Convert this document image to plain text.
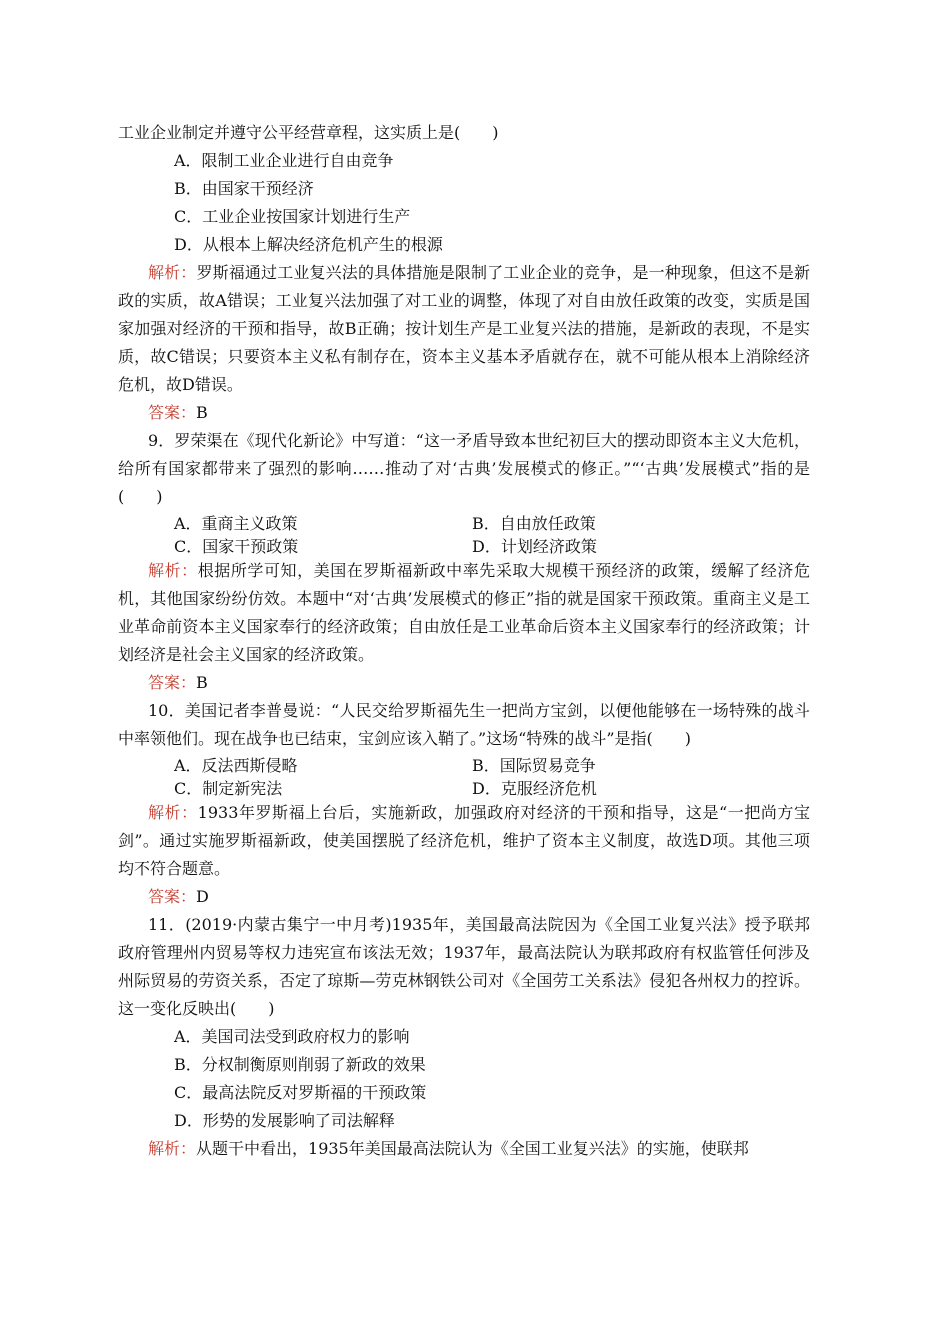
工业企业制定并遵守公平经营章程，这实质上是(　　)

A．限制工业企业进行自由竞争

B．由国家干预经济

C．工业企业按国家计划进行生产

D．从根本上解决经济危机产生的根源

解析：罗斯福通过工业复兴法的具体措施是限制了工业企业的竞争，是一种现象，但这不是新政的实质，故A错误；工业复兴法加强了对工业的调整，体现了对自由放任政策的改变，实质是国家加强对经济的干预和指导，故B正确；按计划生产是工业复兴法的措施，是新政的表现，不是实质，故C错误；只要资本主义私有制存在，资本主义基本矛盾就存在，就不可能从根本上消除经济危机，故D错误。

答案：B

9．罗荣渠在《现代化新论》中写道：“这一矛盾导致本世纪初巨大的摆动即资本主义大危机，给所有国家都带来了强烈的影响……推动了对‘古典’发展模式的修正。”“‘古典’发展模式”指的是(　　)

A．重商主义政策	B．自由放任政策
C．国家干预政策	D．计划经济政策

解析：根据所学可知，美国在罗斯福新政中率先采取大规模干预经济的政策，缓解了经济危机，其他国家纷纷仿效。本题中“对‘古典’发展模式的修正”指的就是国家干预政策。重商主义是工业革命前资本主义国家奉行的经济政策；自由放任是工业革命后资本主义国家奉行的经济政策；计划经济是社会主义国家的经济政策。

答案：B

10．美国记者李普曼说：“人民交给罗斯福先生一把尚方宝剑，以便他能够在一场特殊的战斗中率领他们。现在战争也已结束，宝剑应该入鞘了。”这场“特殊的战斗”是指(　　)

A．反法西斯侵略	B．国际贸易竞争
C．制定新宪法	D．克服经济危机

解析：1933年罗斯福上台后，实施新政，加强政府对经济的干预和指导，这是“一把尚方宝剑”。通过实施罗斯福新政，使美国摆脱了经济危机，维护了资本主义制度，故选D项。其他三项均不符合题意。

答案：D

11．(2019·内蒙古集宁一中月考)1935年，美国最高法院因为《全国工业复兴法》授予联邦政府管理州内贸易等权力违宪宣布该法无效；1937年，最高法院认为联邦政府有权监管任何涉及州际贸易的劳资关系，否定了琼斯—劳克林钢铁公司对《全国劳工关系法》侵犯各州权力的控诉。这一变化反映出(　　)

A．美国司法受到政府权力的影响

B．分权制衡原则削弱了新政的效果

C．最高法院反对罗斯福的干预政策

D．形势的发展影响了司法解释

解析：从题干中看出，1935年美国最高法院认为《全国工业复兴法》的实施，使联邦
